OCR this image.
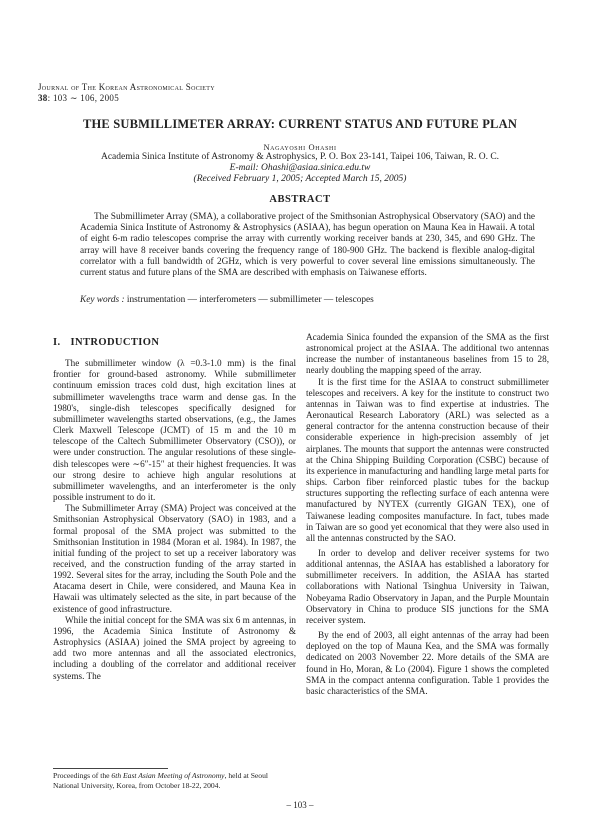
Journal of The Korean Astronomical Society
38: 103 ∼ 106, 2005
THE SUBMILLIMETER ARRAY: CURRENT STATUS AND FUTURE PLAN
Nagayoshi Ohashi
Academia Sinica Institute of Astronomy & Astrophysics, P. O. Box 23-141, Taipei 106, Taiwan, R. O. C.
E-mail: Ohashi@asiaa.sinica.edu.tw
(Received February 1, 2005; Accepted March 15, 2005)
ABSTRACT
The Submillimeter Array (SMA), a collaborative project of the Smithsonian Astrophysical Observatory (SAO) and the Academia Sinica Institute of Astronomy & Astrophysics (ASIAA), has begun operation on Mauna Kea in Hawaii. A total of eight 6-m radio telescopes comprise the array with currently working receiver bands at 230, 345, and 690 GHz. The array will have 8 receiver bands covering the frequency range of 180-900 GHz. The backend is flexible analog-digital correlator with a full bandwidth of 2GHz, which is very powerful to cover several line emissions simultaneously. The current status and future plans of the SMA are described with emphasis on Taiwanese efforts.
Key words : instrumentation — interferometers — submillimeter — telescopes
I. INTRODUCTION

The submillimeter window (λ =0.3-1.0 mm) is the final frontier for ground-based astronomy. While submillimeter continuum emission traces cold dust, high excitation lines at submillimeter wavelengths trace warm and dense gas. In the 1980's, single-dish telescopes specifically designed for submillimeter wavelengths started observations, (e.g., the James Clerk Maxwell Telescope (JCMT) of 15 m and the 10 m telescope of the Caltech Submillimeter Observatory (CSO)), or were under construction. The angular resolutions of these single-dish telescopes were ∼6″-15″ at their highest frequencies. It was our strong desire to achieve high angular resolutions at submillimeter wavelengths, and an interferometer is the only possible instrument to do it.

The Submillimeter Array (SMA) Project was conceived at the Smithsonian Astrophysical Observatory (SAO) in 1983, and a formal proposal of the SMA project was submitted to the Smithsonian Institution in 1984 (Moran et al. 1984). In 1987, the initial funding of the project to set up a receiver laboratory was received, and the construction funding of the array started in 1992. Several sites for the array, including the South Pole and the Atacama desert in Chile, were considered, and Mauna Kea in Hawaii was ultimately selected as the site, in part because of the existence of good infrastructure.

While the initial concept for the SMA was six 6 m antennas, in 1996, the Academia Sinica Institute of Astronomy & Astrophysics (ASIAA) joined the SMA project by agreeing to add two more antennas and all the associated electronics, including a doubling of the correlator and additional receiver systems. The

Academia Sinica founded the expansion of the SMA as the first astronomical project at the ASIAA. The additional two antennas increase the number of instantaneous baselines from 15 to 28, nearly doubling the mapping speed of the array.

It is the first time for the ASIAA to construct submillimeter telescopes and receivers. A key for the institute to construct two antennas in Taiwan was to find expertise at industries. The Aeronautical Research Laboratory (ARL) was selected as a general contractor for the antenna construction because of their considerable experience in high-precision assembly of jet airplanes. The mounts that support the antennas were constructed at the China Shipping Building Corporation (CSBC) because of its experience in manufacturing and handling large metal parts for ships. Carbon fiber reinforced plastic tubes for the backup structures supporting the reflecting surface of each antenna were manufactured by NYTEX (currently GIGAN TEX), one of Taiwanese leading composites manufacture. In fact, tubes made in Taiwan are so good yet economical that they were also used in all the antennas constructed by the SAO.

In order to develop and deliver receiver systems for two additional antennas, the ASIAA has established a laboratory for submillimeter receivers. In addition, the ASIAA has started collaborations with National Tsinghua University in Taiwan, Nobeyama Radio Observatory in Japan, and the Purple Mountain Observatory in China to produce SIS junctions for the SMA receiver system.

By the end of 2003, all eight antennas of the array had been deployed on the top of Mauna Kea, and the SMA was formally dedicated on 2003 November 22. More details of the SMA are found in Ho, Moran, & Lo (2004). Figure 1 shows the completed SMA in the compact antenna configuration. Table 1 provides the basic characteristics of the SMA.

Proceedings of the 6th East Asian Meeting of Astronomy, held at Seoul National University, Korea, from October 18-22, 2004.
– 103 –
